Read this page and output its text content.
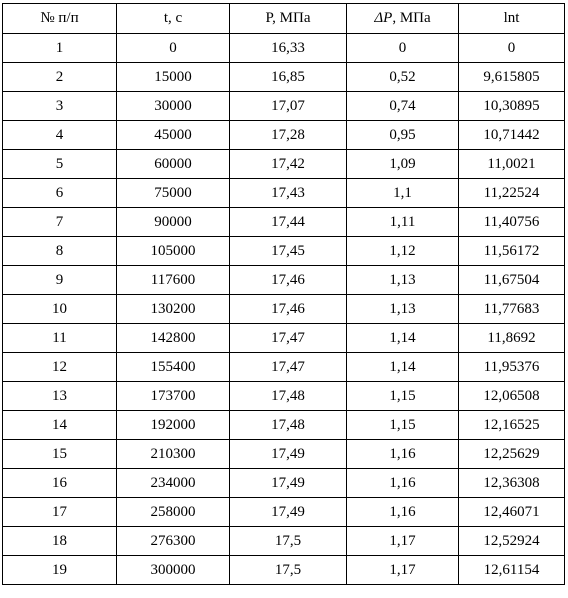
№ п/п	t, с	P, МПа	ΔP, МПа	lnt
1	0	16,33	0	0
2	15000	16,85	0,52	9,615805
3	30000	17,07	0,74	10,30895
4	45000	17,28	0,95	10,71442
5	60000	17,42	1,09	11,0021
6	75000	17,43	1,1	11,22524
7	90000	17,44	1,11	11,40756
8	105000	17,45	1,12	11,56172
9	117600	17,46	1,13	11,67504
10	130200	17,46	1,13	11,77683
11	142800	17,47	1,14	11,8692
12	155400	17,47	1,14	11,95376
13	173700	17,48	1,15	12,06508
14	192000	17,48	1,15	12,16525
15	210300	17,49	1,16	12,25629
16	234000	17,49	1,16	12,36308
17	258000	17,49	1,16	12,46071
18	276300	17,5	1,17	12,52924
19	300000	17,5	1,17	12,61154
